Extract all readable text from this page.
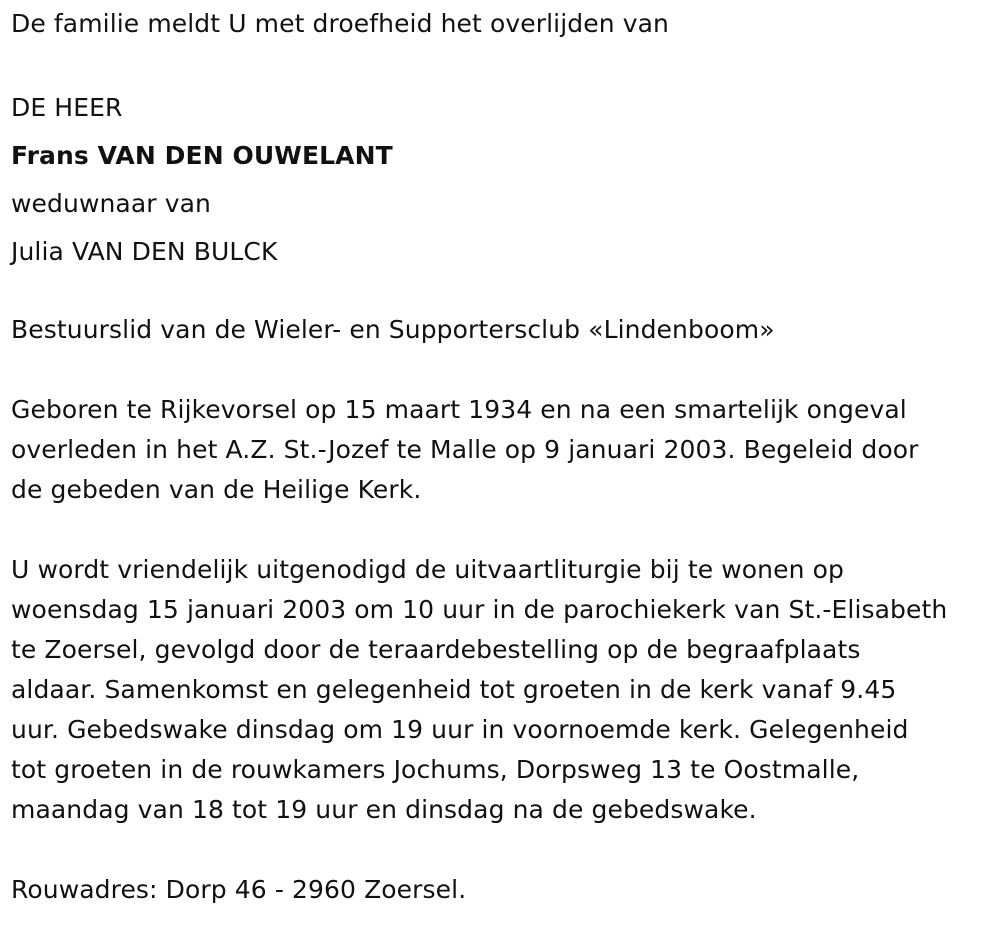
De familie meldt U met droefheid het overlijden van
DE HEER
Frans VAN DEN OUWELANT
weduwnaar van
Julia VAN DEN BULCK
Bestuurslid van de Wieler- en Supportersclub «Lindenboom»
Geboren te Rijkevorsel op 15 maart 1934 en na een smartelijk ongeval
overleden in het A.Z. St.-Jozef te Malle op 9 januari 2003. Begeleid door
de gebeden van de Heilige Kerk.
U wordt vriendelijk uitgenodigd de uitvaartliturgie bij te wonen op
woensdag 15 januari 2003 om 10 uur in de parochiekerk van St.-Elisabeth
te Zoersel, gevolgd door de teraardebestelling op de begraafplaats
aldaar. Samenkomst en gelegenheid tot groeten in de kerk vanaf 9.45
uur. Gebedswake dinsdag om 19 uur in voornoemde kerk. Gelegenheid
tot groeten in de rouwkamers Jochums, Dorpsweg 13 te Oostmalle,
maandag van 18 tot 19 uur en dinsdag na de gebedswake.
Rouwadres: Dorp 46 - 2960 Zoersel.
